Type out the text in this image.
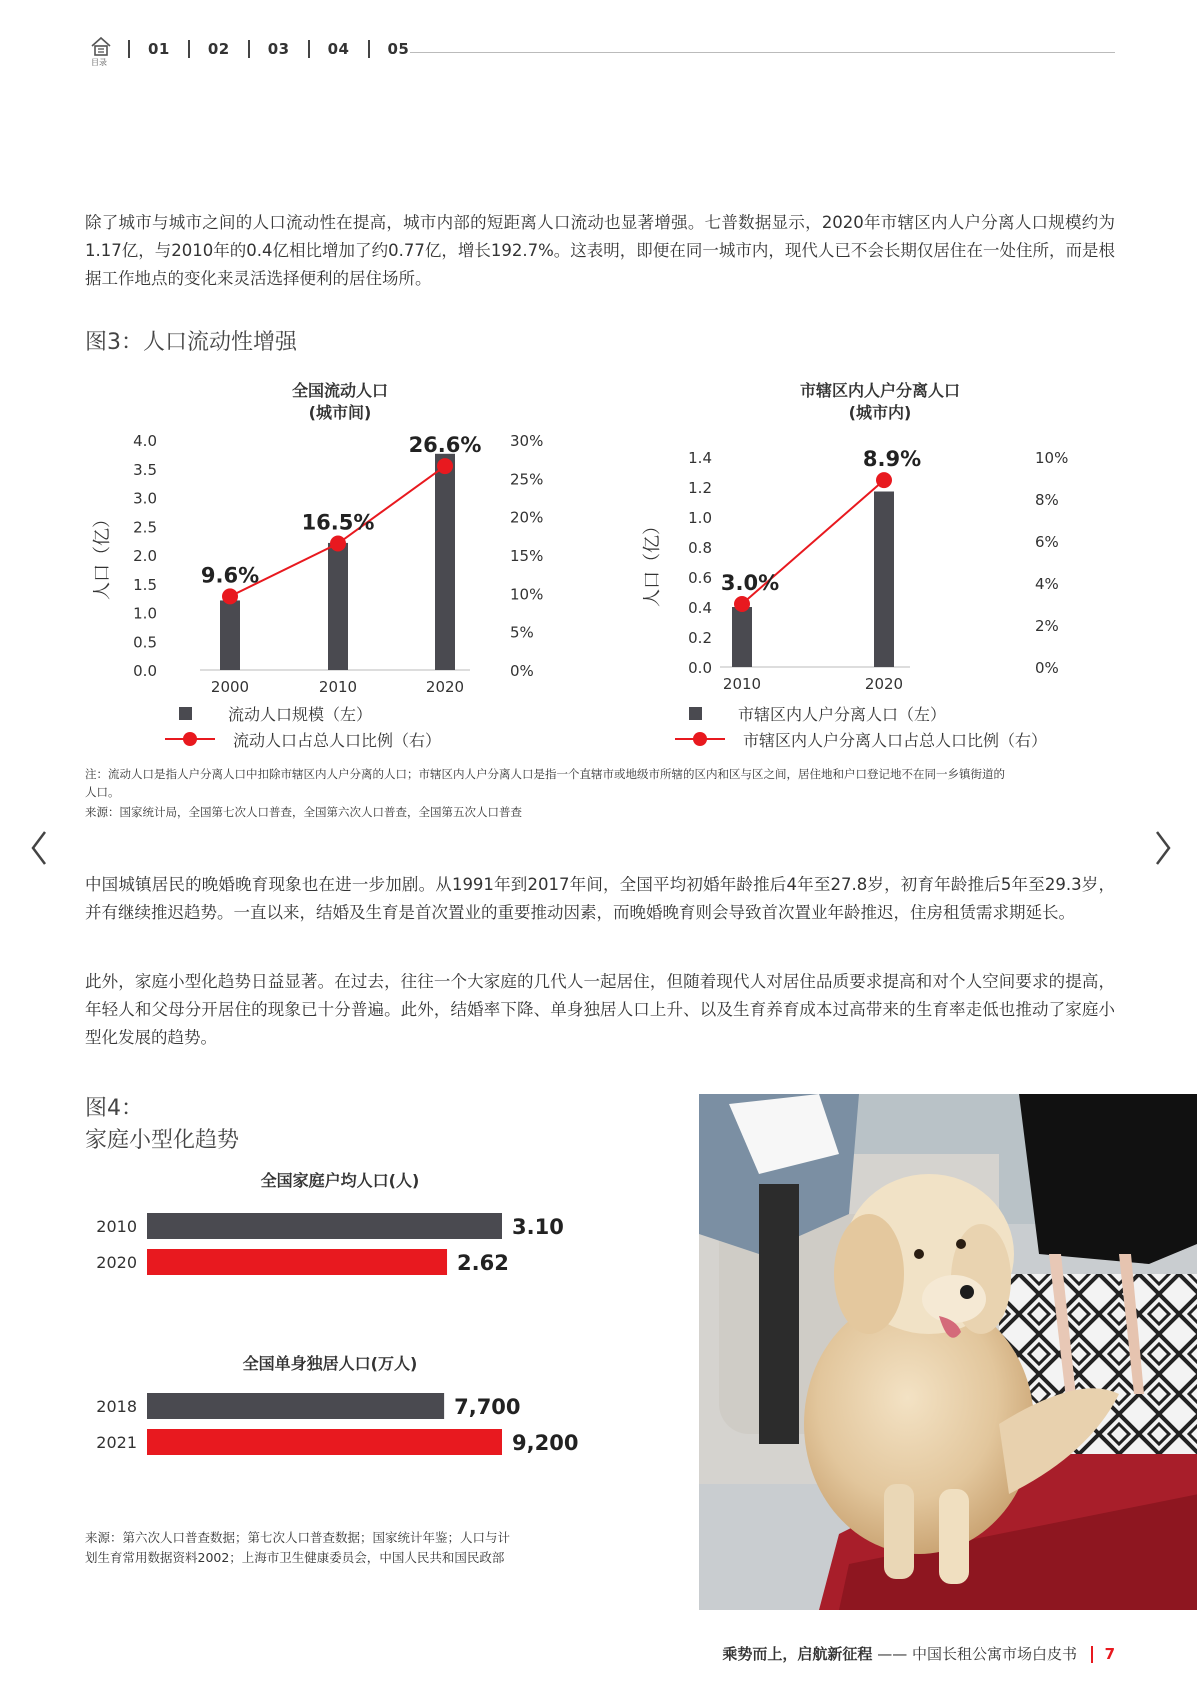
目录
01	02	03	04	05

除了城市与城市之间的人口流动性在提高，城市内部的短距离人口流动也显著增强。七普数据显示，2020年市辖区内人户分离人口规模约为1.17亿，与2010年的0.4亿相比增加了约0.77亿，增长192.7%。这表明，即便在同一城市内，现代人已不会长期仅居住在一处住所，而是根据工作地点的变化来灵活选择便利的居住场所。

图3：人口流动性增强
全国流动人口
(城市间)
市辖区内人户分离人口
(城市内)
4.0
3.5
3.0
2.5
2.0
1.5
1.0
0.5
0.0
30%
25%
20%
15%
10%
5%
0%
人口（亿）
2000	2010	2020
9.6%
16.5%
26.6%
1.4
1.2
1.0
0.8
0.6
0.4
0.2
0.0
10%
8%
6%
4%
2%
0%
人口（亿）
2010	2020
3.0%
8.9%
流动人口规模（左）
流动人口占总人口比例（右）
市辖区内人户分离人口（左）
市辖区内人户分离人口占总人口比例（右）

注：流动人口是指人户分离人口中扣除市辖区内人户分离的人口；市辖区内人户分离人口是指一个直辖市或地级市所辖的区内和区与区之间，居住地和户口登记地不在同一乡镇街道的人口。

来源：国家统计局，全国第七次人口普查，全国第六次人口普查，全国第五次人口普查

中国城镇居民的晚婚晚育现象也在进一步加剧。从1991年到2017年间，全国平均初婚年龄推后4年至27.8岁，初育年龄推后5年至29.3岁，并有继续推迟趋势。一直以来，结婚及生育是首次置业的重要推动因素，而晚婚晚育则会导致首次置业年龄推迟，住房租赁需求期延长。

此外，家庭小型化趋势日益显著。在过去，往往一个大家庭的几代人一起居住，但随着现代人对居住品质要求提高和对个人空间要求的提高，年轻人和父母分开居住的现象已十分普遍。此外，结婚率下降、单身独居人口上升、以及生育养育成本过高带来的生育率走低也推动了家庭小型化发展的趋势。

图4：
家庭小型化趋势
全国家庭户均人口(人)
2010	3.10
2020	2.62
全国单身独居人口(万人)
2018	7,700
2021	9,200

来源：第六次人口普查数据；第七次人口普查数据；国家统计年鉴；人口与计划生育常用数据资料2002；上海市卫生健康委员会，中国人民共和国民政部

乘势而上，启航新征程 —— 中国长租公寓市场白皮书 7
